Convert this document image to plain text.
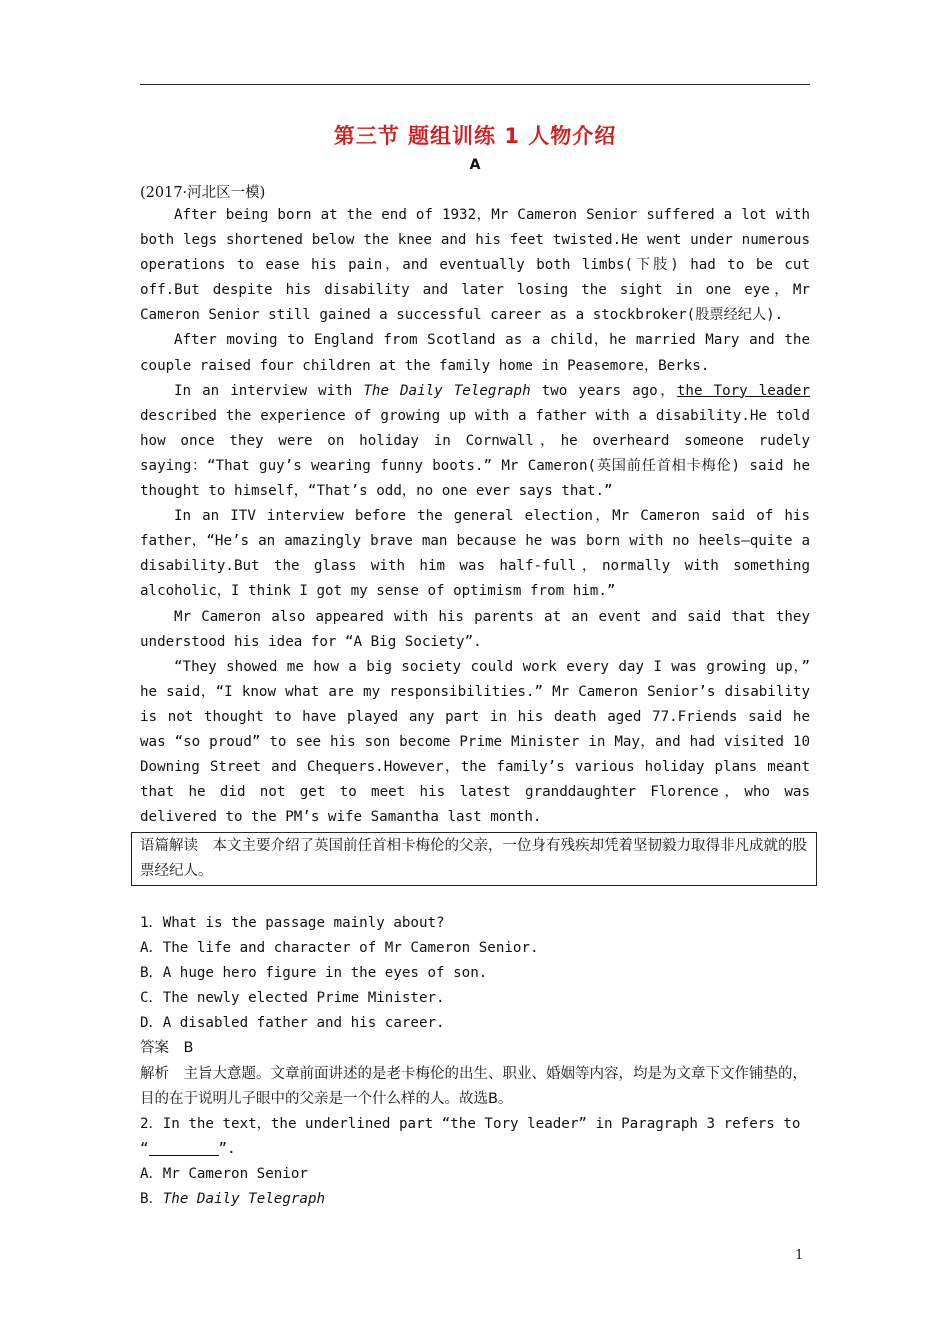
第三节 题组训练 1 人物介绍
A
(2017·河北区一模)

After being born at the end of 1932，Mr Cameron Senior suffered a lot with both legs shortened below the knee and his feet twisted.He went under numerous operations to ease his pain，and eventually both limbs(下肢) had to be cut off.But despite his disability and later losing the sight in one eye，Mr Cameron Senior still gained a successful career as a stockbroker(股票经纪人).

After moving to England from Scotland as a child，he married Mary and the couple raised four children at the family home in Peasemore，Berks.

In an interview with The Daily Telegraph two years ago，the Tory leader described the experience of growing up with a father with a disability.He told how once they were on holiday in Cornwall，he overheard someone rudely saying：“That guy’s wearing funny boots.” Mr Cameron(英国前任首相卡梅伦) said he thought to himself，“That’s odd，no one ever says that.”

In an ITV interview before the general election，Mr Cameron said of his father，“He’s an amazingly brave man because he was born with no heels—quite a disability.But the glass with him was half-full，normally with something alcoholic，I think I got my sense of optimism from him.”

Mr Cameron also appeared with his parents at an event and said that they understood his idea for “A Big Society”.

“They showed me how a big society could work every day I was growing up，” he said，“I know what are my responsibilities.” Mr Cameron Senior’s disability is not thought to have played any part in his death aged 77.Friends said he was “so proud” to see his son become Prime Minister in May，and had visited 10 Downing Street and Chequers.However，the family’s various holiday plans meant that he did not get to meet his latest granddaughter Florence，who was delivered to the PM’s wife Samantha last month.

语篇解读　本文主要介绍了英国前任首相卡梅伦的父亲，一位身有残疾却凭着坚韧毅力取得非凡成就的股票经纪人。
1．What is the passage mainly about?
A．The life and character of Mr Cameron Senior.
B．A huge hero figure in the eyes of son.
C．The newly elected Prime Minister.
D．A disabled father and his career.
答案　B
解析　主旨大意题。文章前面讲述的是老卡梅伦的出生、职业、婚姻等内容，均是为文章下文作铺垫的，目的在于说明儿子眼中的父亲是一个什么样的人。故选B。
2．In the text，the underlined part “the Tory leader” in Paragraph 3 refers to
“	”.
A．Mr Cameron Senior
B．The Daily Telegraph
1
